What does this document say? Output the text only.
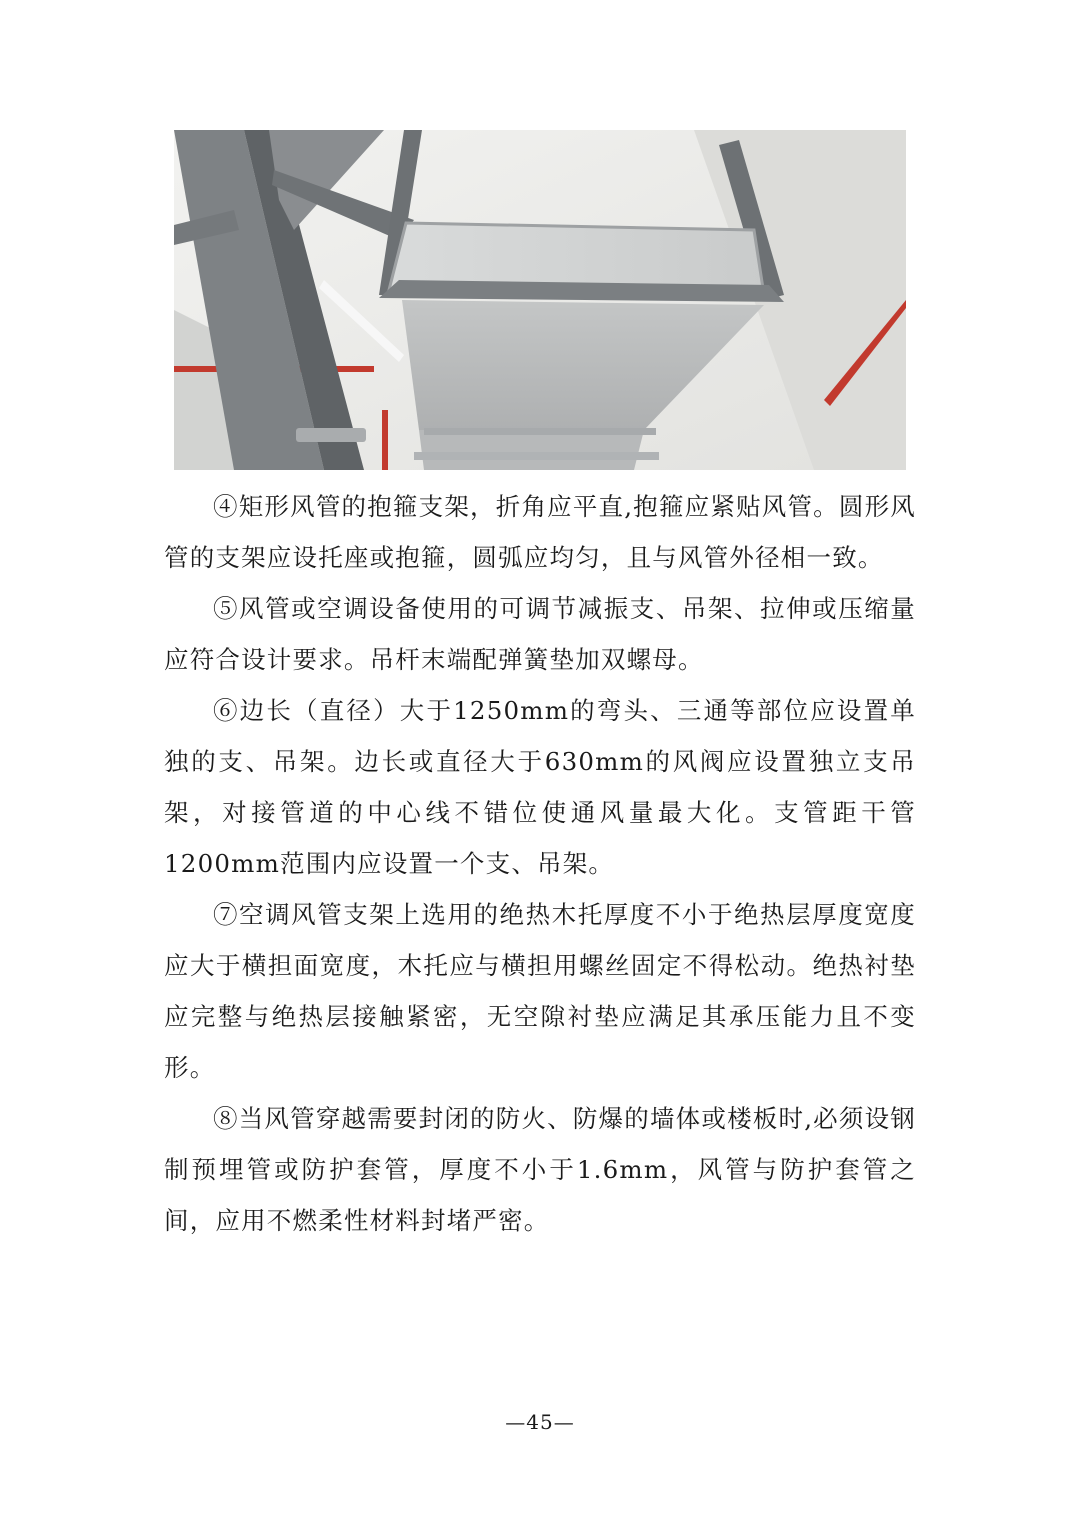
④矩形风管的抱箍支架，折角应平直,抱箍应紧贴风管。圆形风管的支架应设托座或抱箍，圆弧应均匀，且与风管外径相一致。

⑤风管或空调设备使用的可调节减振支、吊架、拉伸或压缩量应符合设计要求。吊杆末端配弹簧垫加双螺母。

⑥边长（直径）大于1250mm的弯头、三通等部位应设置单独的支、吊架。边长或直径大于630mm的风阀应设置独立支吊架，对接管道的中心线不错位使通风量最大化。支管距干管1200mm范围内应设置一个支、吊架。

⑦空调风管支架上选用的绝热木托厚度不小于绝热层厚度宽度应大于横担面宽度，木托应与横担用螺丝固定不得松动。绝热衬垫应完整与绝热层接触紧密，无空隙衬垫应满足其承压能力且不变形。

⑧当风管穿越需要封闭的防火、防爆的墙体或楼板时,必须设钢制预埋管或防护套管，厚度不小于1.6mm，风管与防护套管之间，应用不燃柔性材料封堵严密。

—45—
